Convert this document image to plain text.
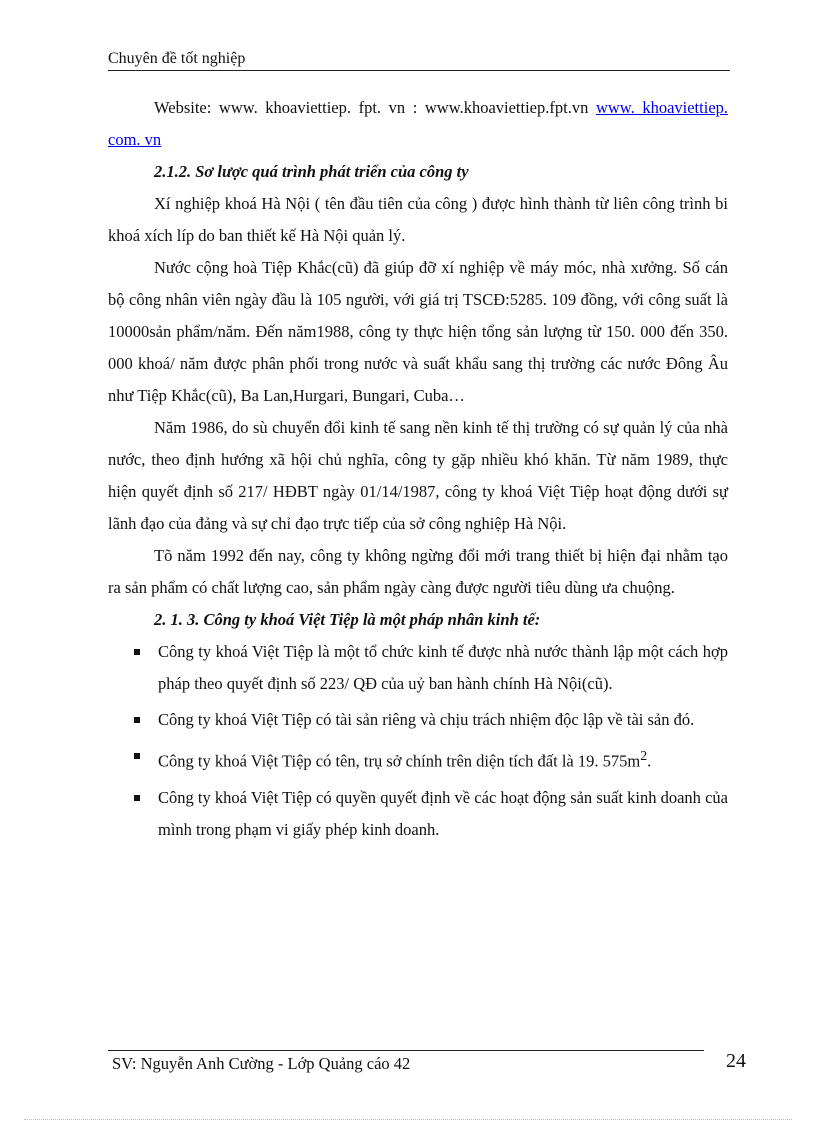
Chuyên đề tốt nghiệp

Website: www. khoaviettiep. fpt. vn : www.khoaviettiep.fpt.vn www. khoaviettiep. com. vn

2.1.2. Sơ lược quá trình phát triển của công ty

Xí nghiệp khoá Hà Nội ( tên đầu tiên của công ) được hình thành từ liên công trình bi khoá xích líp do ban thiết kế Hà Nội quản lý.

Nước cộng hoà Tiệp Khắc(cũ) đã giúp đỡ xí nghiệp về máy móc, nhà xưởng. Số cán bộ công nhân viên ngày đầu là 105 người, với giá trị TSCĐ:5285. 109 đồng, với công suất là 10000sản phẩm/năm. Đến năm1988, công ty thực hiện tổng sản lượng từ 150. 000 đến 350. 000 khoá/ năm được phân phối trong nước và suất khẩu sang thị trường các nước Đông Âu như Tiệp Khắc(cũ), Ba Lan,Hurgari, Bungari, Cuba…

Năm 1986, do sù chuyển đổi kinh tế sang nền kinh tế thị trường có sự quản lý của nhà nước, theo định hướng xã hội chủ nghĩa, công ty gặp nhiều khó khăn. Từ năm 1989, thực hiện quyết định số 217/ HĐBT ngày 01/14/1987, công ty khoá Việt Tiệp hoạt động dưới sự lãnh đạo của đảng và sự chỉ đạo trực tiếp của sở công nghiệp Hà Nội.

Tõ năm 1992 đến nay, công ty không ngừng đổi mới trang thiết bị hiện đại nhằm tạo ra sản phẩm có chất lượng cao, sản phẩm ngày càng được người tiêu dùng ưa chuộng.

2. 1. 3. Công ty khoá Việt Tiệp là một pháp nhân kinh tế:

Công ty khoá Việt Tiệp là một tổ chức kinh tế được nhà nước thành lập một cách hợp pháp theo quyết định số 223/ QĐ của uỷ ban hành chính Hà Nội(cũ).
Công ty khoá Việt Tiệp có tài sản riêng và chịu trách nhiệm độc lập về tài sản đó.
Công ty khoá Việt Tiệp có tên, trụ sở chính trên diện tích đất là 19. $575m^2$.
Công ty khoá Việt Tiệp có quyền quyết định về các hoạt động sản suất kinh doanh của mình trong phạm vi giấy phép kinh doanh.
SV: Nguyễn Anh Cường - Lớp Quảng cáo 42	24
